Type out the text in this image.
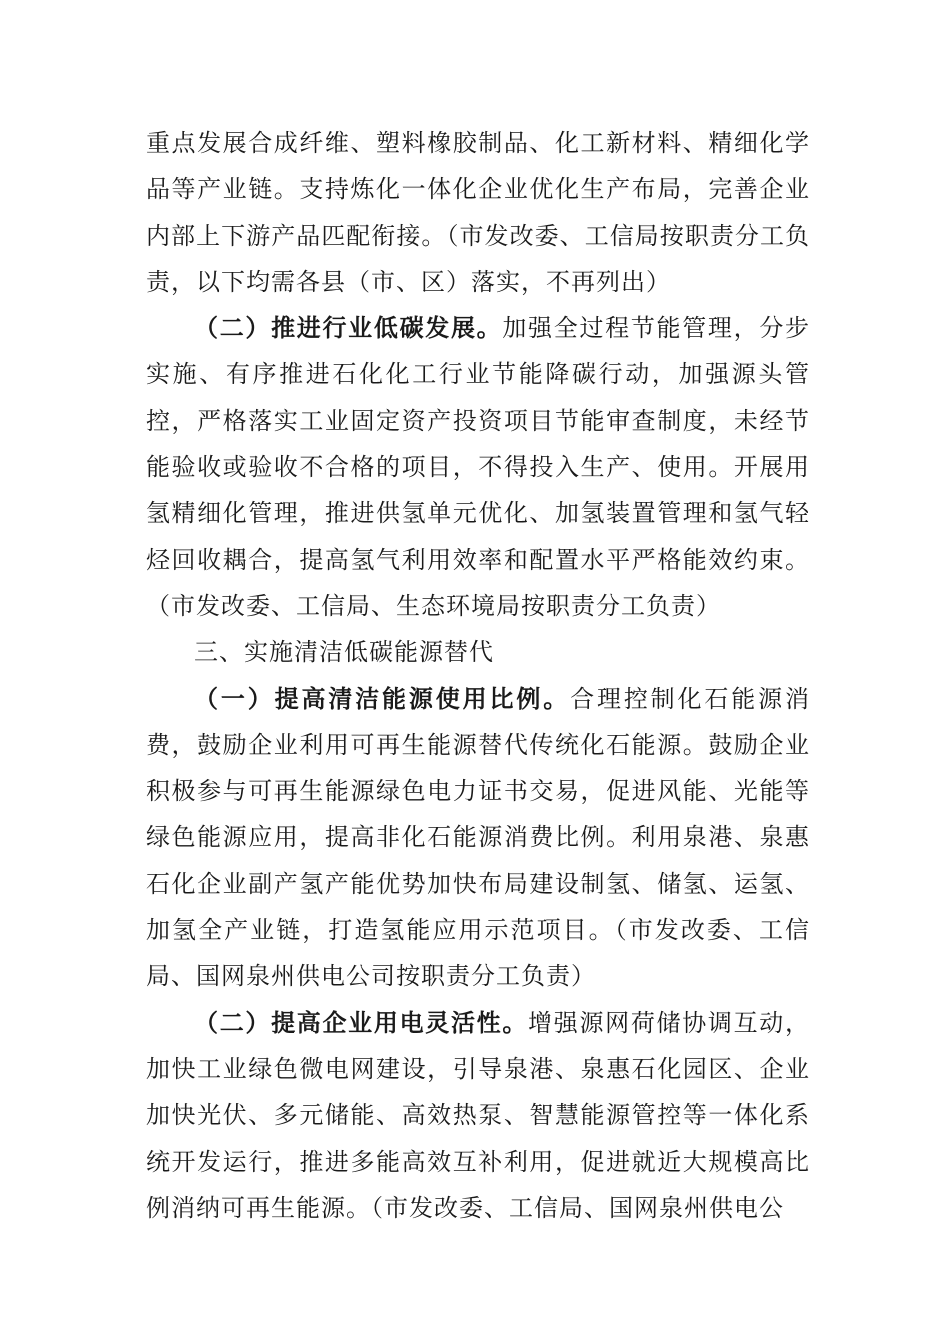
重点发展合成纤维、塑料橡胶制品、化工新材料、精细化学品等产业链。支持炼化一体化企业优化生产布局，完善企业内部上下游产品匹配衔接。（市发改委、工信局按职责分工负责，以下均需各县（市、区）落实，不再列出）

（二）推进行业低碳发展。加强全过程节能管理，分步实施、有序推进石化化工行业节能降碳行动，加强源头管控，严格落实工业固定资产投资项目节能审查制度，未经节能验收或验收不合格的项目，不得投入生产、使用。开展用氢精细化管理，推进供氢单元优化、加氢装置管理和氢气轻烃回收耦合，提高氢气利用效率和配置水平严格能效约束。（市发改委、工信局、生态环境局按职责分工负责）

三、实施清洁低碳能源替代

（一）提高清洁能源使用比例。合理控制化石能源消费，鼓励企业利用可再生能源替代传统化石能源。鼓励企业积极参与可再生能源绿色电力证书交易，促进风能、光能等绿色能源应用，提高非化石能源消费比例。利用泉港、泉惠石化企业副产氢产能优势加快布局建设制氢、储氢、运氢、加氢全产业链，打造氢能应用示范项目。（市发改委、工信局、国网泉州供电公司按职责分工负责）

（二）提高企业用电灵活性。增强源网荷储协调互动，加快工业绿色微电网建设，引导泉港、泉惠石化园区、企业加快光伏、多元储能、高效热泵、智慧能源管控等一体化系统开发运行，推进多能高效互补利用，促进就近大规模高比例消纳可再生能源。（市发改委、工信局、国网泉州供电公
